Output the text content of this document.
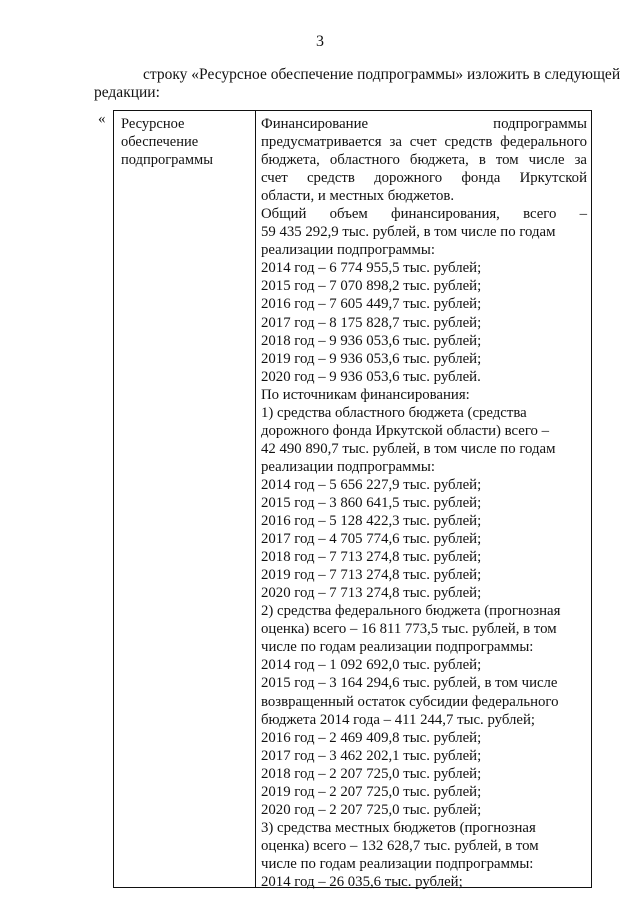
3
строку «Ресурсное обеспечение подпрограммы» изложить в следующей
редакции:
« Ресурсное
обеспечение
подпрограммы
Финансирование подпрограммы
предусматривается за счет средств федерального
бюджета, областного бюджета, в том числе за
счет средств дорожного фонда Иркутской
области, и местных бюджетов.
Общий объем финансирования, всего –
59 435 292,9 тыс. рублей, в том числе по годам
реализации подпрограммы:
2014 год – 6 774 955,5 тыс. рублей;
2015 год – 7 070 898,2 тыс. рублей;
2016 год – 7 605 449,7 тыс. рублей;
2017 год – 8 175 828,7 тыс. рублей;
2018 год – 9 936 053,6 тыс. рублей;
2019 год – 9 936 053,6 тыс. рублей;
2020 год – 9 936 053,6 тыс. рублей.
По источникам финансирования:
1) средства областного бюджета (средства
дорожного фонда Иркутской области) всего –
42 490 890,7 тыс. рублей, в том числе по годам
реализации подпрограммы:
2014 год – 5 656 227,9 тыс. рублей;
2015 год – 3 860 641,5 тыс. рублей;
2016 год – 5 128 422,3 тыс. рублей;
2017 год – 4 705 774,6 тыс. рублей;
2018 год – 7 713 274,8 тыс. рублей;
2019 год – 7 713 274,8 тыс. рублей;
2020 год – 7 713 274,8 тыс. рублей;
2) средства федерального бюджета (прогнозная
оценка) всего – 16 811 773,5 тыс. рублей, в том
числе по годам реализации подпрограммы:
2014 год – 1 092 692,0 тыс. рублей;
2015 год – 3 164 294,6 тыс. рублей, в том числе
возвращенный остаток субсидии федерального
бюджета 2014 года – 411 244,7 тыс. рублей;
2016 год – 2 469 409,8 тыс. рублей;
2017 год – 3 462 202,1 тыс. рублей;
2018 год – 2 207 725,0 тыс. рублей;
2019 год – 2 207 725,0 тыс. рублей;
2020 год – 2 207 725,0 тыс. рублей;
3) средства местных бюджетов (прогнозная
оценка) всего – 132 628,7 тыс. рублей, в том
числе по годам реализации подпрограммы:
2014 год – 26 035,6 тыс. рублей;
